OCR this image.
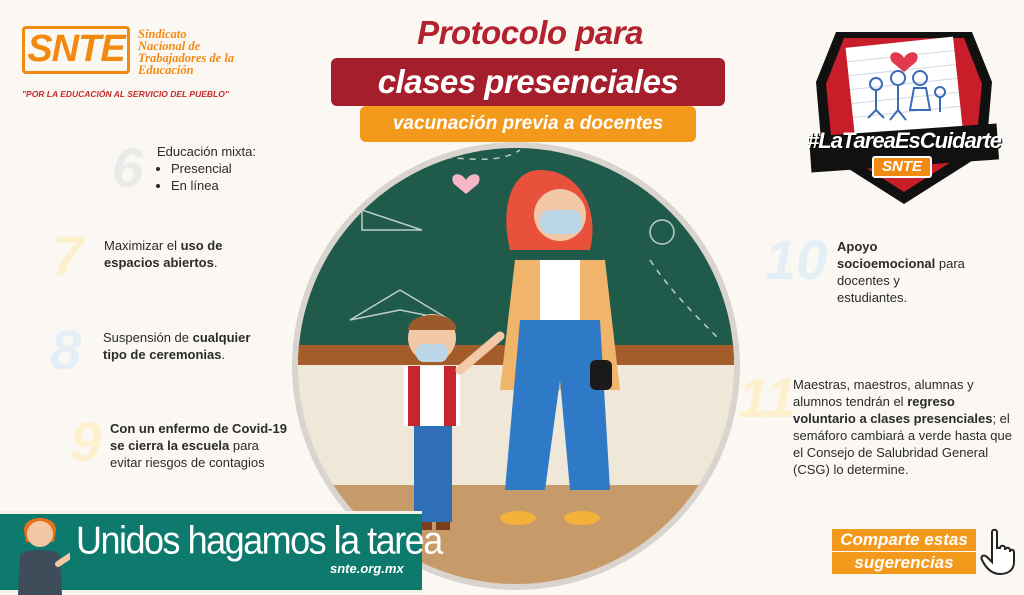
SNTE	Sindicato
Nacional de
Trabajadores de la
Educación
"POR LA EDUCACIÓN AL SERVICIO DEL PUEBLO"
Protocolo para
clases presenciales
vacunación previa a docentes
#LaTareaEsCuidarte
SNTE
6 Educación mixta:
• Presencial
• En línea
7 Maximizar el uso de espacios abiertos.
8 Suspensión de cualquier tipo de ceremonias.
9 Con un enfermo de Covid-19 se cierra la escuela para evitar riesgos de contagios
10 Apoyo socioemocional para docentes y estudiantes.
11
Maestras, maestros, alumnas y alumnos tendrán el regreso voluntario a clases presenciales; el semáforo cambiará a verde hasta que el Consejo de Salubridad General (CSG) lo determine.
Unidos hagamos la tarea
snte.org.mx
Comparte estas
sugerencias
